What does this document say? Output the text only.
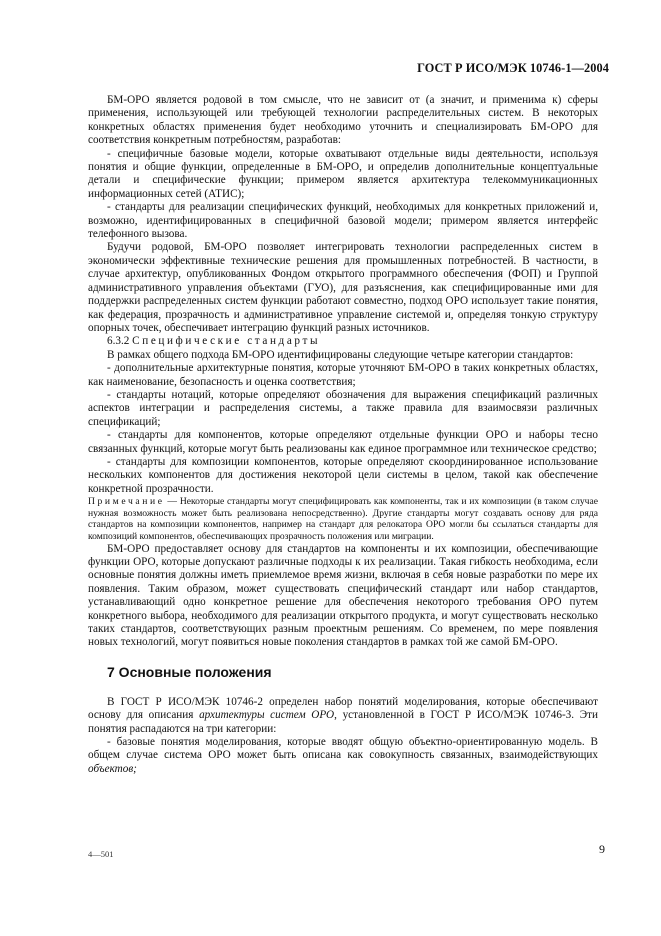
ГОСТ Р ИСО/МЭК 10746-1—2004

БМ-ОРО является родовой в том смысле, что не зависит от (а значит, и применима к) сферы применения, использующей или требующей технологии распределительных систем. В некоторых конкретных областях применения будет необходимо уточнить и специализировать БМ-ОРО для соответствия конкретным потребностям, разработав:

- специфичные базовые модели, которые охватывают отдельные виды деятельности, используя понятия и общие функции, определенные в БМ-ОРО, и определив дополнительные концептуальные детали и специфические функции; примером является архитектура телекоммуникационных информационных сетей (АТИС);

- стандарты для реализации специфических функций, необходимых для конкретных приложений и, возможно, идентифицированных в специфичной базовой модели; примером является интерфейс телефонного вызова.

Будучи родовой, БМ-ОРО позволяет интегрировать технологии распределенных систем в экономически эффективные технические решения для промышленных потребностей. В частности, в случае архитектур, опубликованных Фондом открытого программного обеспечения (ФОП) и Группой административного управления объектами (ГУО), для разъяснения, как специфицированные ими для поддержки распределенных систем функции работают совместно, подход ОРО использует такие понятия, как федерация, прозрачность и административное управление системой и, определяя тонкую структуру опорных точек, обеспечивает интеграцию функций разных источников.

6.3.2 Специфические стандарты

В рамках общего подхода БМ-ОРО идентифицированы следующие четыре категории стандартов:

- дополнительные архитектурные понятия, которые уточняют БМ-ОРО в таких конкретных областях, как наименование, безопасность и оценка соответствия;

- стандарты нотаций, которые определяют обозначения для выражения спецификаций различных аспектов интеграции и распределения системы, а также правила для взаимосвязи различных спецификаций;

- стандарты для компонентов, которые определяют отдельные функции ОРО и наборы тесно связанных функций, которые могут быть реализованы как единое программное или техническое средство;

- стандарты для композиции компонентов, которые определяют скоординированное использование нескольких компонентов для достижения некоторой цели системы в целом, такой как обеспечение конкретной прозрачности.

Примечание — Некоторые стандарты могут специфицировать как компоненты, так и их композиции (в таком случае нужная возможность может быть реализована непосредственно). Другие стандарты могут создавать основу для ряда стандартов на композиции компонентов, например на стандарт для релокатора ОРО могли бы ссылаться стандарты для композиций компонентов, обеспечивающих прозрачность положения или миграции.

БМ-ОРО предоставляет основу для стандартов на компоненты и их композиции, обеспечивающие функции ОРО, которые допускают различные подходы к их реализации. Такая гибкость необходима, если основные понятия должны иметь приемлемое время жизни, включая в себя новые разработки по мере их появления. Таким образом, может существовать специфический стандарт или набор стандартов, устанавливающий одно конкретное решение для обеспечения некоторого требования ОРО путем конкретного выбора, необходимого для реализации открытого продукта, и могут существовать несколько таких стандартов, соответствующих разным проектным решениям. Со временем, по мере появления новых технологий, могут появиться новые поколения стандартов в рамках той же самой БМ-ОРО.

7 Основные положения

В ГОСТ Р ИСО/МЭК 10746-2 определен набор понятий моделирования, которые обеспечивают основу для описания архитектуры систем ОРО, установленной в ГОСТ Р ИСО/МЭК 10746-3. Эти понятия распадаются на три категории:

- базовые понятия моделирования, которые вводят общую объектно-ориентированную модель. В общем случае система ОРО может быть описана как совокупность связанных, взаимодействующих объектов;

4—501	9
